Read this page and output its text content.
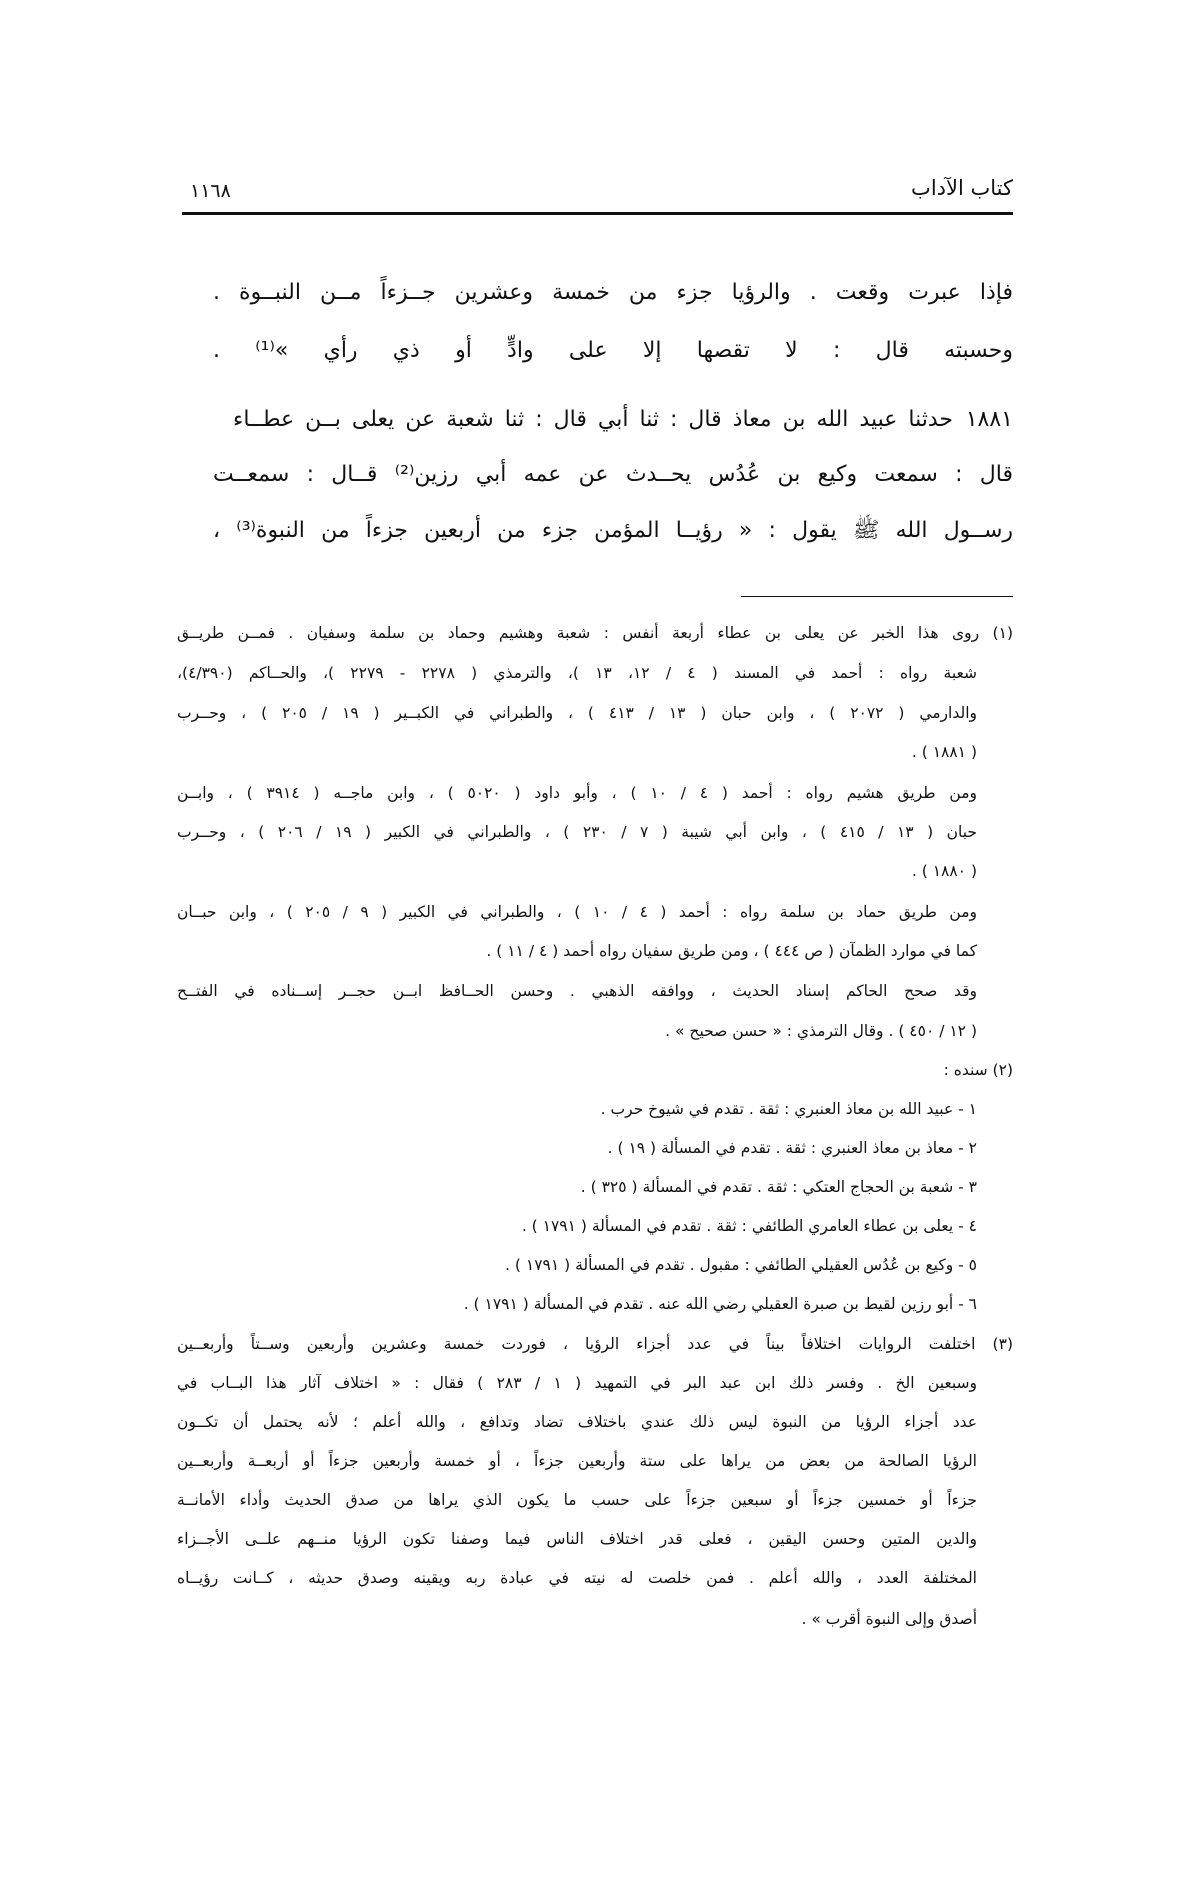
كتاب الآداب
١١٦٨
فإذا عبرت وقعت . والرؤيا جزء من خمسة وعشرين جــزءاً مــن النبــوة .
وحسبته قال : لا تقصها إلا على وادٍّ أو ذي رأي »⁽¹⁾ .
١٨٨١
حدثنا عبيد الله بن معاذ قال : ثنا أبي قال : ثنا شعبة عن يعلى بــن عطــاء
قال : سمعت وكيع بن عُدُس يحــدث عن عمه أبي رزين⁽²⁾ قــال : سمعــت
رســول الله ﷺ يقول : « رؤيــا المؤمن جزء من أربعين جزءاً من النبوة⁽³⁾ ،
(١) روى هذا الخبر عن يعلى بن عطاء أربعة أنفس : شعبة وهشيم وحماد بن سلمة وسفيان . فمــن طريــق
شعبة رواه : أحمد في المسند ( ٤ / ١٢، ١٣ )، والترمذي ( ٢٢٧٨ - ٢٢٧٩ )، والحــاكم (٤/٣٩٠)،
والدارمي ( ٢٠٧٢ ) ، وابن حبان ( ١٣ / ٤١٣ ) ، والطبراني في الكبــير ( ١٩ / ٢٠٥ ) ، وحــرب
( ١٨٨١ ) .
ومن طريق هشيم رواه : أحمد ( ٤ / ١٠ ) ، وأبو داود ( ٥٠٢٠ ) ، وابن ماجــه ( ٣٩١٤ ) ، وابــن
حبان ( ١٣ / ٤١٥ ) ، وابن أبي شيبة ( ٧ / ٢٣٠ ) ، والطبراني في الكبير ( ١٩ / ٢٠٦ ) ، وحــرب
( ١٨٨٠ ) .
ومن طريق حماد بن سلمة رواه : أحمد ( ٤ / ١٠ ) ، والطبراني في الكبير ( ٩ / ٢٠٥ ) ، وابن حبــان
كما في موارد الظمآن ( ص ٤٤٤ ) ، ومن طريق سفيان رواه أحمد ( ٤ / ١١ ) .
وقد صحح الحاكم إسناد الحديث ، ووافقه الذهبي . وحسن الحــافظ ابــن حجــر إســناده في الفتــح
( ١٢ / ٤٥٠ ) . وقال الترمذي : « حسن صحيح » .
(٢) سنده :
١ - عبيد الله بن معاذ العنبري : ثقة . تقدم في شيوخ حرب .
٢ - معاذ بن معاذ العنبري : ثقة . تقدم في المسألة ( ١٩ ) .
٣ - شعبة بن الحجاج العتكي : ثقة . تقدم في المسألة ( ٣٢٥ ) .
٤ - يعلى بن عطاء العامري الطائفي : ثقة . تقدم في المسألة ( ١٧٩١ ) .
٥ - وكيع بن عُدُس العقيلي الطائفي : مقبول . تقدم في المسألة ( ١٧٩١ ) .
٦ - أبو رزين لقيط بن صبرة العقيلي رضي الله عنه . تقدم في المسألة ( ١٧٩١ ) .
(٣) اختلفت الروايات اختلافاً بيناً في عدد أجزاء الرؤيا ، فوردت خمسة وعشرين وأربعين وســتاً وأربعــين
وسبعين الخ . وفسر ذلك ابن عبد البر في التمهيد ( ١ / ٢٨٣ ) فقال : « اختلاف آثار هذا البــاب في
عدد أجزاء الرؤيا من النبوة ليس ذلك عندي باختلاف تضاد وتدافع ، والله أعلم ؛ لأنه يحتمل أن تكــون
الرؤيا الصالحة من بعض من يراها على ستة وأربعين جزءاً ، أو خمسة وأربعين جزءاً أو أربعــة وأربعــين
جزءاً أو خمسين جزءاً أو سبعين جزءاً على حسب ما يكون الذي يراها من صدق الحديث وأداء الأمانــة
والدين المتين وحسن اليقين ، فعلى قدر اختلاف الناس فيما وصفنا تكون الرؤيا منــهم علــى الأجــزاء
المختلفة العدد ، والله أعلم . فمن خلصت له نيته في عبادة ربه ويقينه وصدق حديثه ، كــانت رؤيــاه
أصدق وإلى النبوة أقرب » .
